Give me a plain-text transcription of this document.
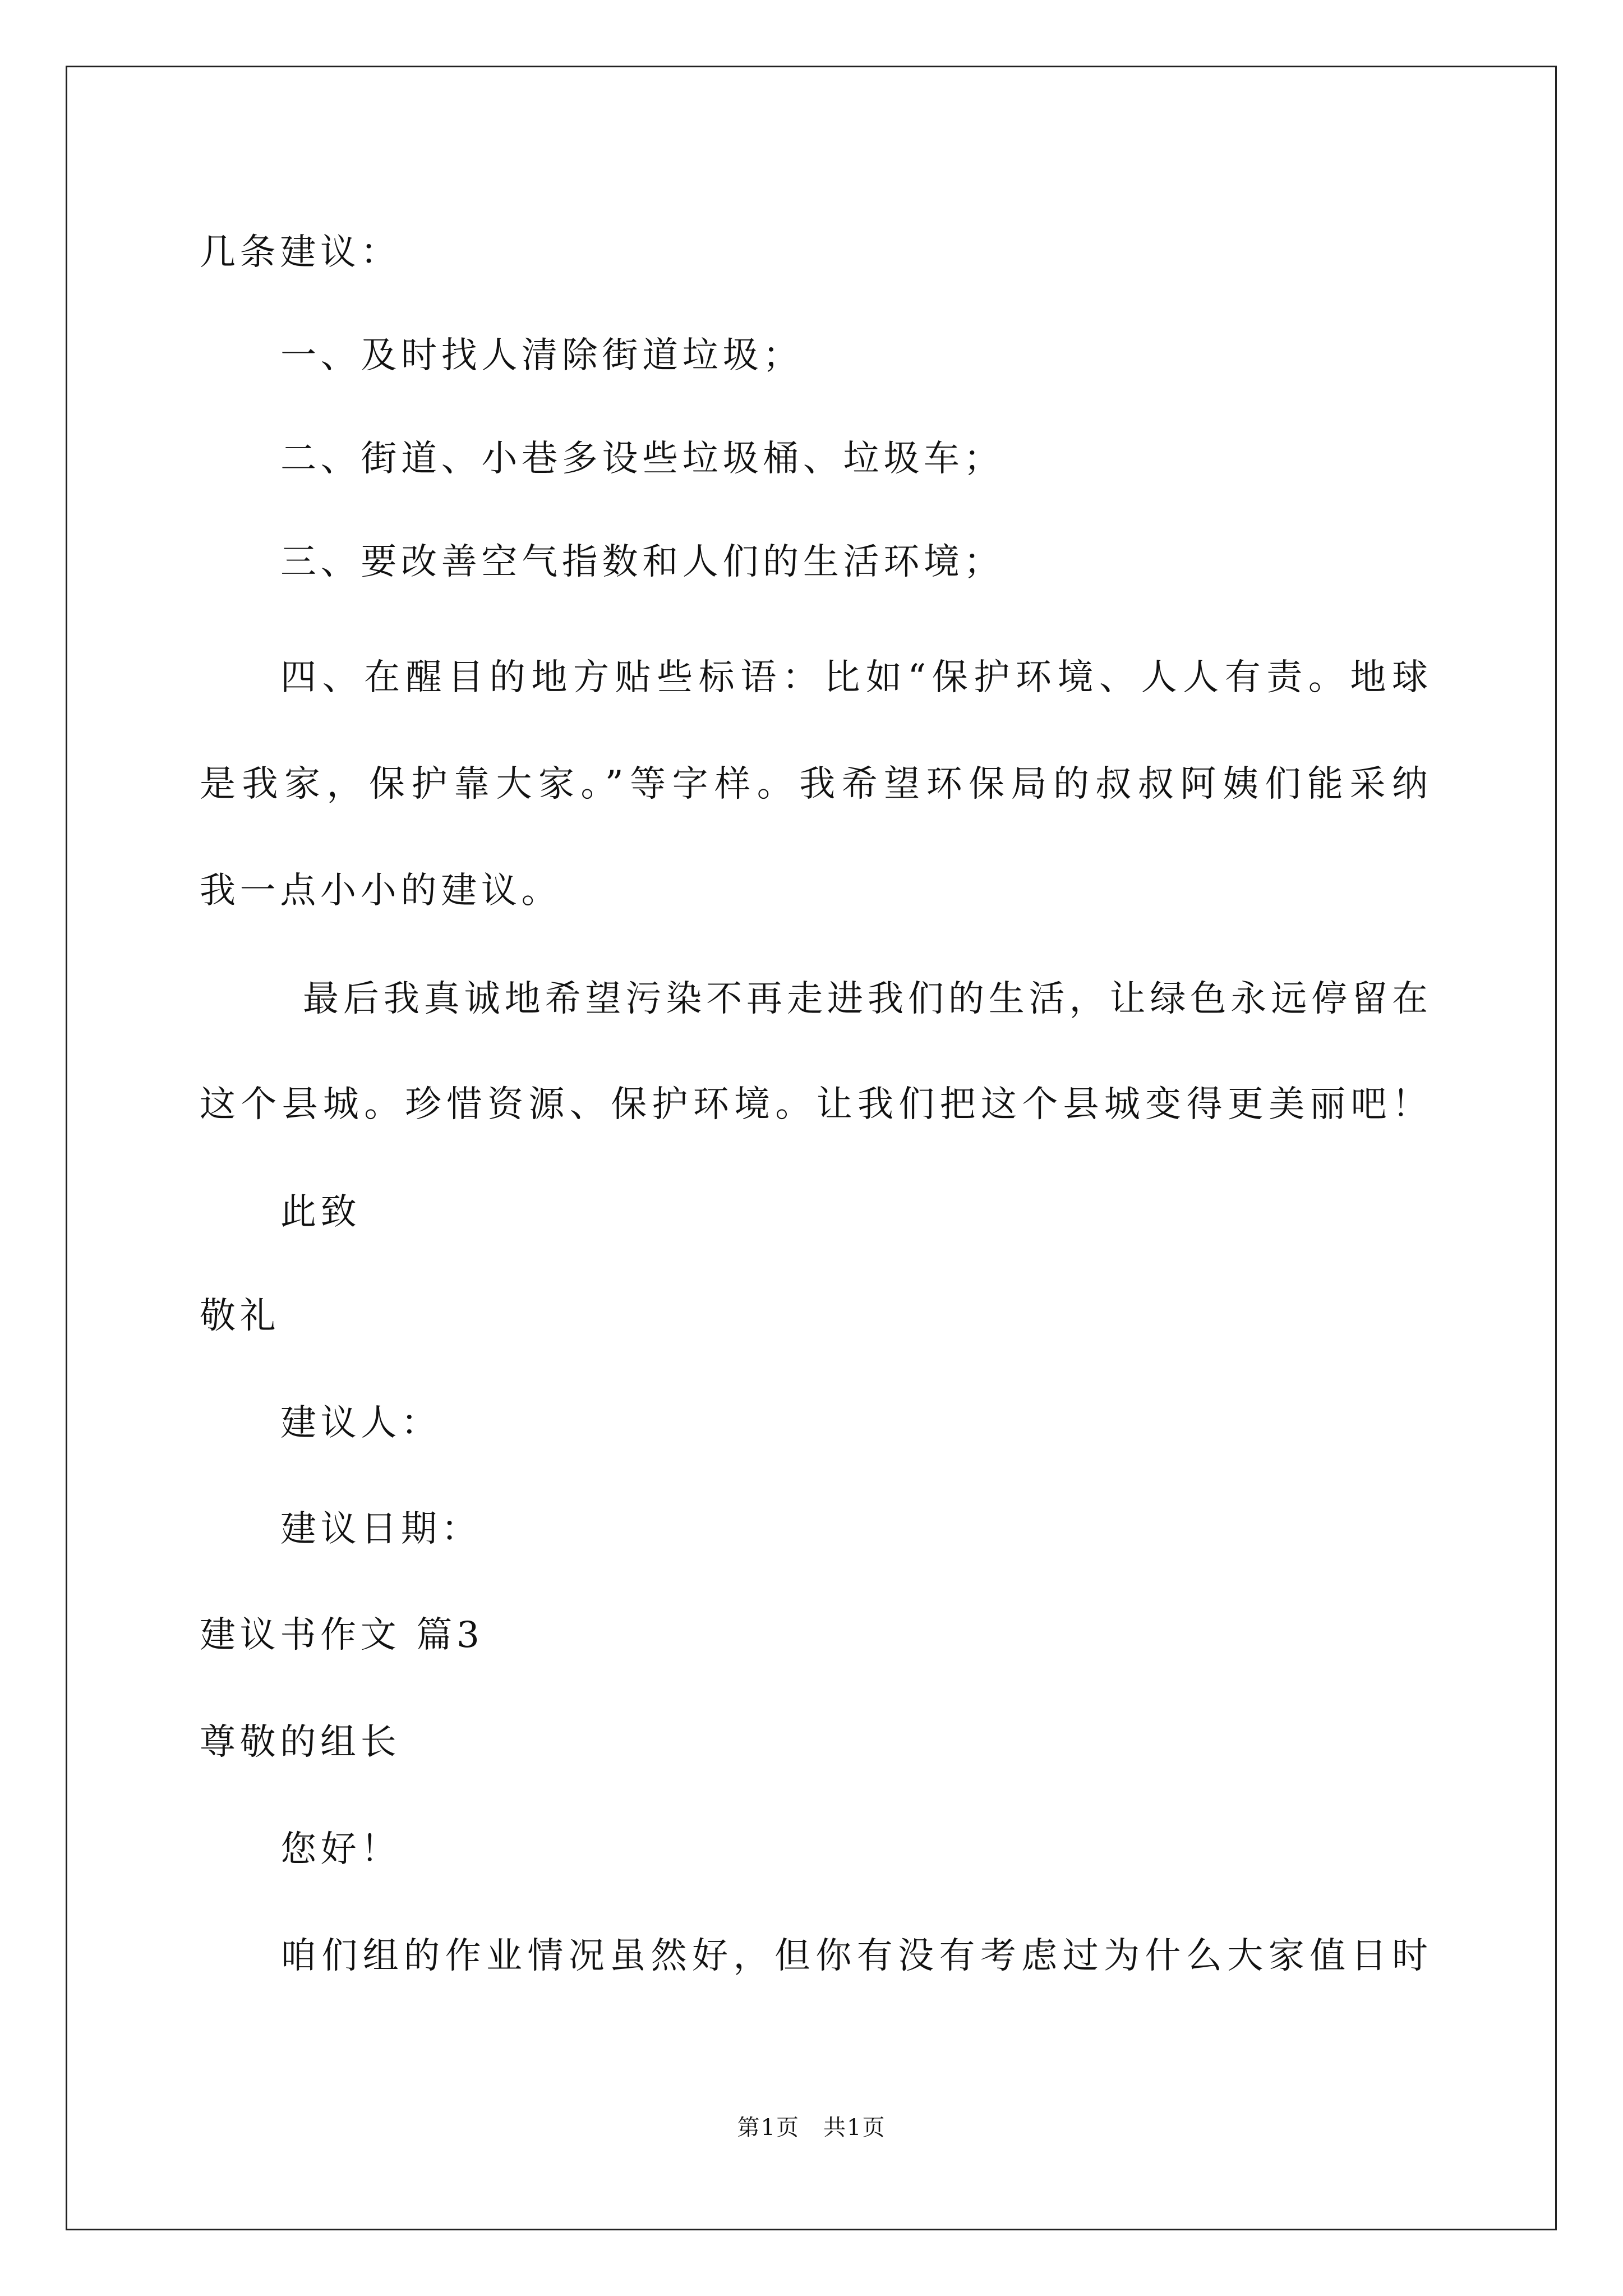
几条建议：
一、及时找人清除街道垃圾；
二、街道、小巷多设些垃圾桶、垃圾车；
三、要改善空气指数和人们的生活环境；
四、在醒目的地方贴些标语：比如“保护环境、人人有责。地球
是我家，保护靠大家。”等字样。我希望环保局的叔叔阿姨们能采纳
我一点小小的建议。
最后我真诚地希望污染不再走进我们的生活，让绿色永远停留在
这个县城。珍惜资源、保护环境。让我们把这个县城变得更美丽吧！
此致
敬礼
建议人：
建议日期：
建议书作文 篇3
尊敬的组长
您好！
咱们组的作业情况虽然好，但你有没有考虑过为什么大家值日时
第1页　共1页
